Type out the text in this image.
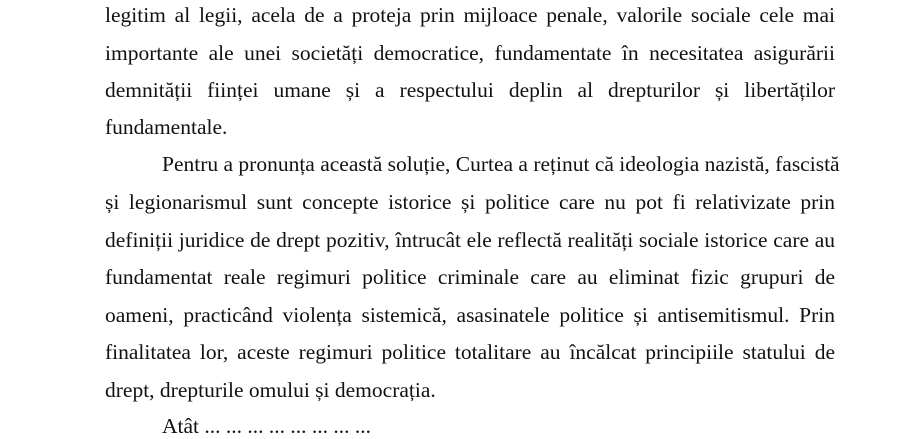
legitim al legii, acela de a proteja prin mijloace penale, valorile sociale cele mai

importante ale unei societăți democratice, fundamentate în necesitatea asigurării

demnității ființei umane și a respectului deplin al drepturilor și libertăților

fundamentale.

Pentru a pronunța această soluție, Curtea a reținut că ideologia nazistă, fascistă

și legionarismul sunt concepte istorice și politice care nu pot fi relativizate prin

definiții juridice de drept pozitiv, întrucât ele reflectă realități sociale istorice care au

fundamentat reale regimuri politice criminale care au eliminat fizic grupuri de

oameni, practicând violența sistemică, asasinatele politice și antisemitismul. Prin

finalitatea lor, aceste regimuri politice totalitare au încălcat principiile statului de

drept, drepturile omului și democrația.

Atât ... ... ... ... ... ... ... ...
